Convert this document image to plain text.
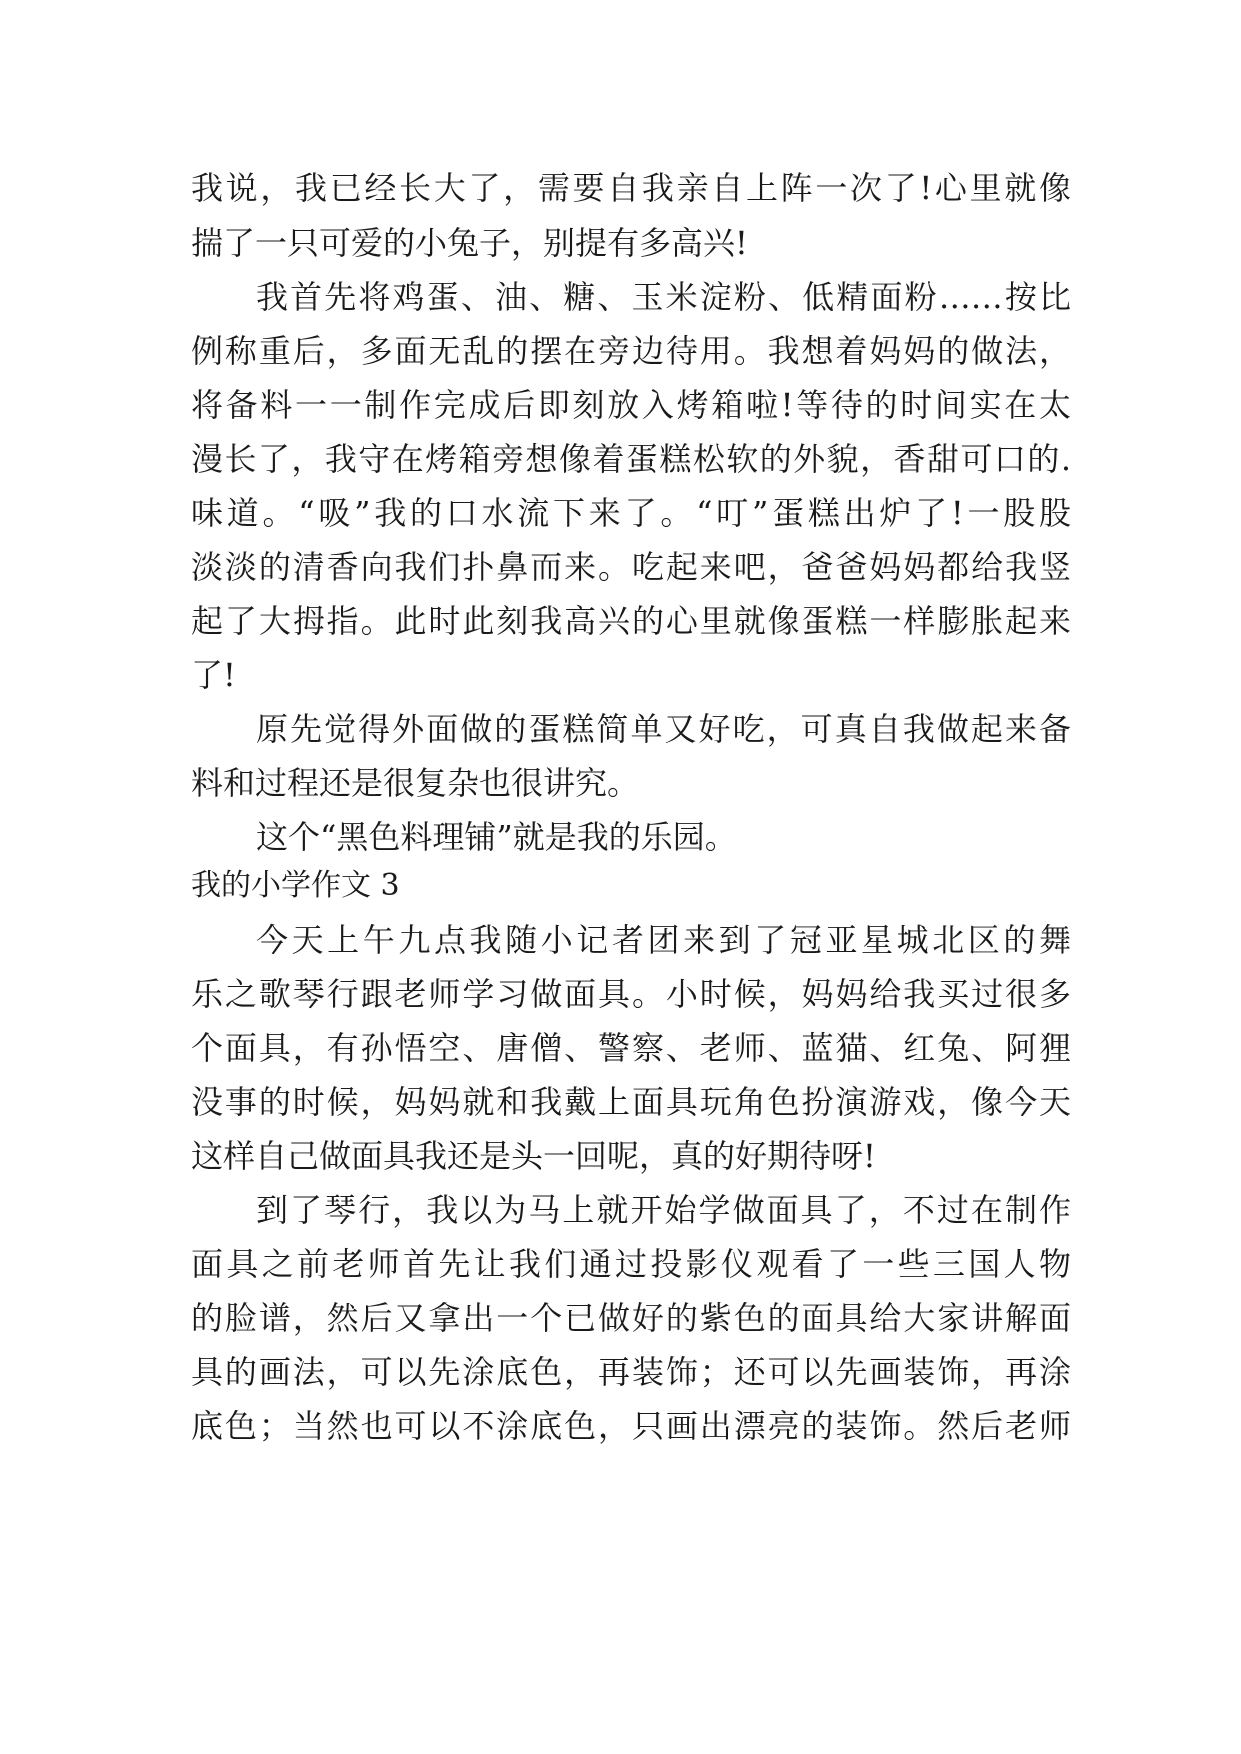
我说，我已经长大了，需要自我亲自上阵一次了!心里就像
揣了一只可爱的小兔子，别提有多高兴!
我首先将鸡蛋、油、糖、玉米淀粉、低精面粉……按比
例称重后，多面无乱的摆在旁边待用。我想着妈妈的做法，
将备料一一制作完成后即刻放入烤箱啦!等待的时间实在太
漫长了，我守在烤箱旁想像着蛋糕松软的外貌，香甜可口的.
味道。“吸”我的口水流下来了。“叮”蛋糕出炉了!一股股
淡淡的清香向我们扑鼻而来。吃起来吧，爸爸妈妈都给我竖
起了大拇指。此时此刻我高兴的心里就像蛋糕一样膨胀起来
了!
原先觉得外面做的蛋糕简单又好吃，可真自我做起来备
料和过程还是很复杂也很讲究。
这个“黑色料理铺”就是我的乐园。
我的小学作文 3
今天上午九点我随小记者团来到了冠亚星城北区的舞
乐之歌琴行跟老师学习做面具。小时候，妈妈给我买过很多
个面具，有孙悟空、唐僧、警察、老师、蓝猫、红兔、阿狸
没事的时候，妈妈就和我戴上面具玩角色扮演游戏，像今天
这样自己做面具我还是头一回呢，真的好期待呀!
到了琴行，我以为马上就开始学做面具了，不过在制作
面具之前老师首先让我们通过投影仪观看了一些三国人物
的脸谱，然后又拿出一个已做好的紫色的面具给大家讲解面
具的画法，可以先涂底色，再装饰；还可以先画装饰，再涂
底色；当然也可以不涂底色，只画出漂亮的装饰。然后老师
